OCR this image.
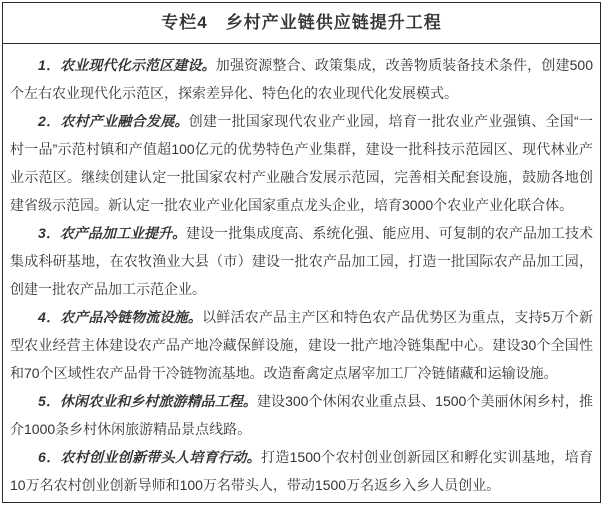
专栏4　乡村产业链供应链提升工程

1．农业现代化示范区建设。加强资源整合、政策集成，改善物质装备技术条件，创建500个左右农业现代化示范区，探索差异化、特色化的农业现代化发展模式。

2．农村产业融合发展。创建一批国家现代农业产业园，培育一批农业产业强镇、全国“一村一品”示范村镇和产值超100亿元的优势特色产业集群，建设一批科技示范园区、现代林业产业示范区。继续创建认定一批国家农村产业融合发展示范园，完善相关配套设施，鼓励各地创建省级示范园。新认定一批农业产业化国家重点龙头企业，培育3000个农业产业化联合体。

3．农产品加工业提升。建设一批集成度高、系统化强、能应用、可复制的农产品加工技术集成科研基地，在农牧渔业大县（市）建设一批农产品加工园，打造一批国际农产品加工园，创建一批农产品加工示范企业。

4．农产品冷链物流设施。以鲜活农产品主产区和特色农产品优势区为重点，支持5万个新型农业经营主体建设农产品产地冷藏保鲜设施，建设一批产地冷链集配中心。建设30个全国性和70个区域性农产品骨干冷链物流基地。改造畜禽定点屠宰加工厂冷链储藏和运输设施。

5．休闲农业和乡村旅游精品工程。建设300个休闲农业重点县、1500个美丽休闲乡村，推介1000条乡村休闲旅游精品景点线路。

6．农村创业创新带头人培育行动。打造1500个农村创业创新园区和孵化实训基地，培育10万名农村创业创新导师和100万名带头人，带动1500万名返乡入乡人员创业。
